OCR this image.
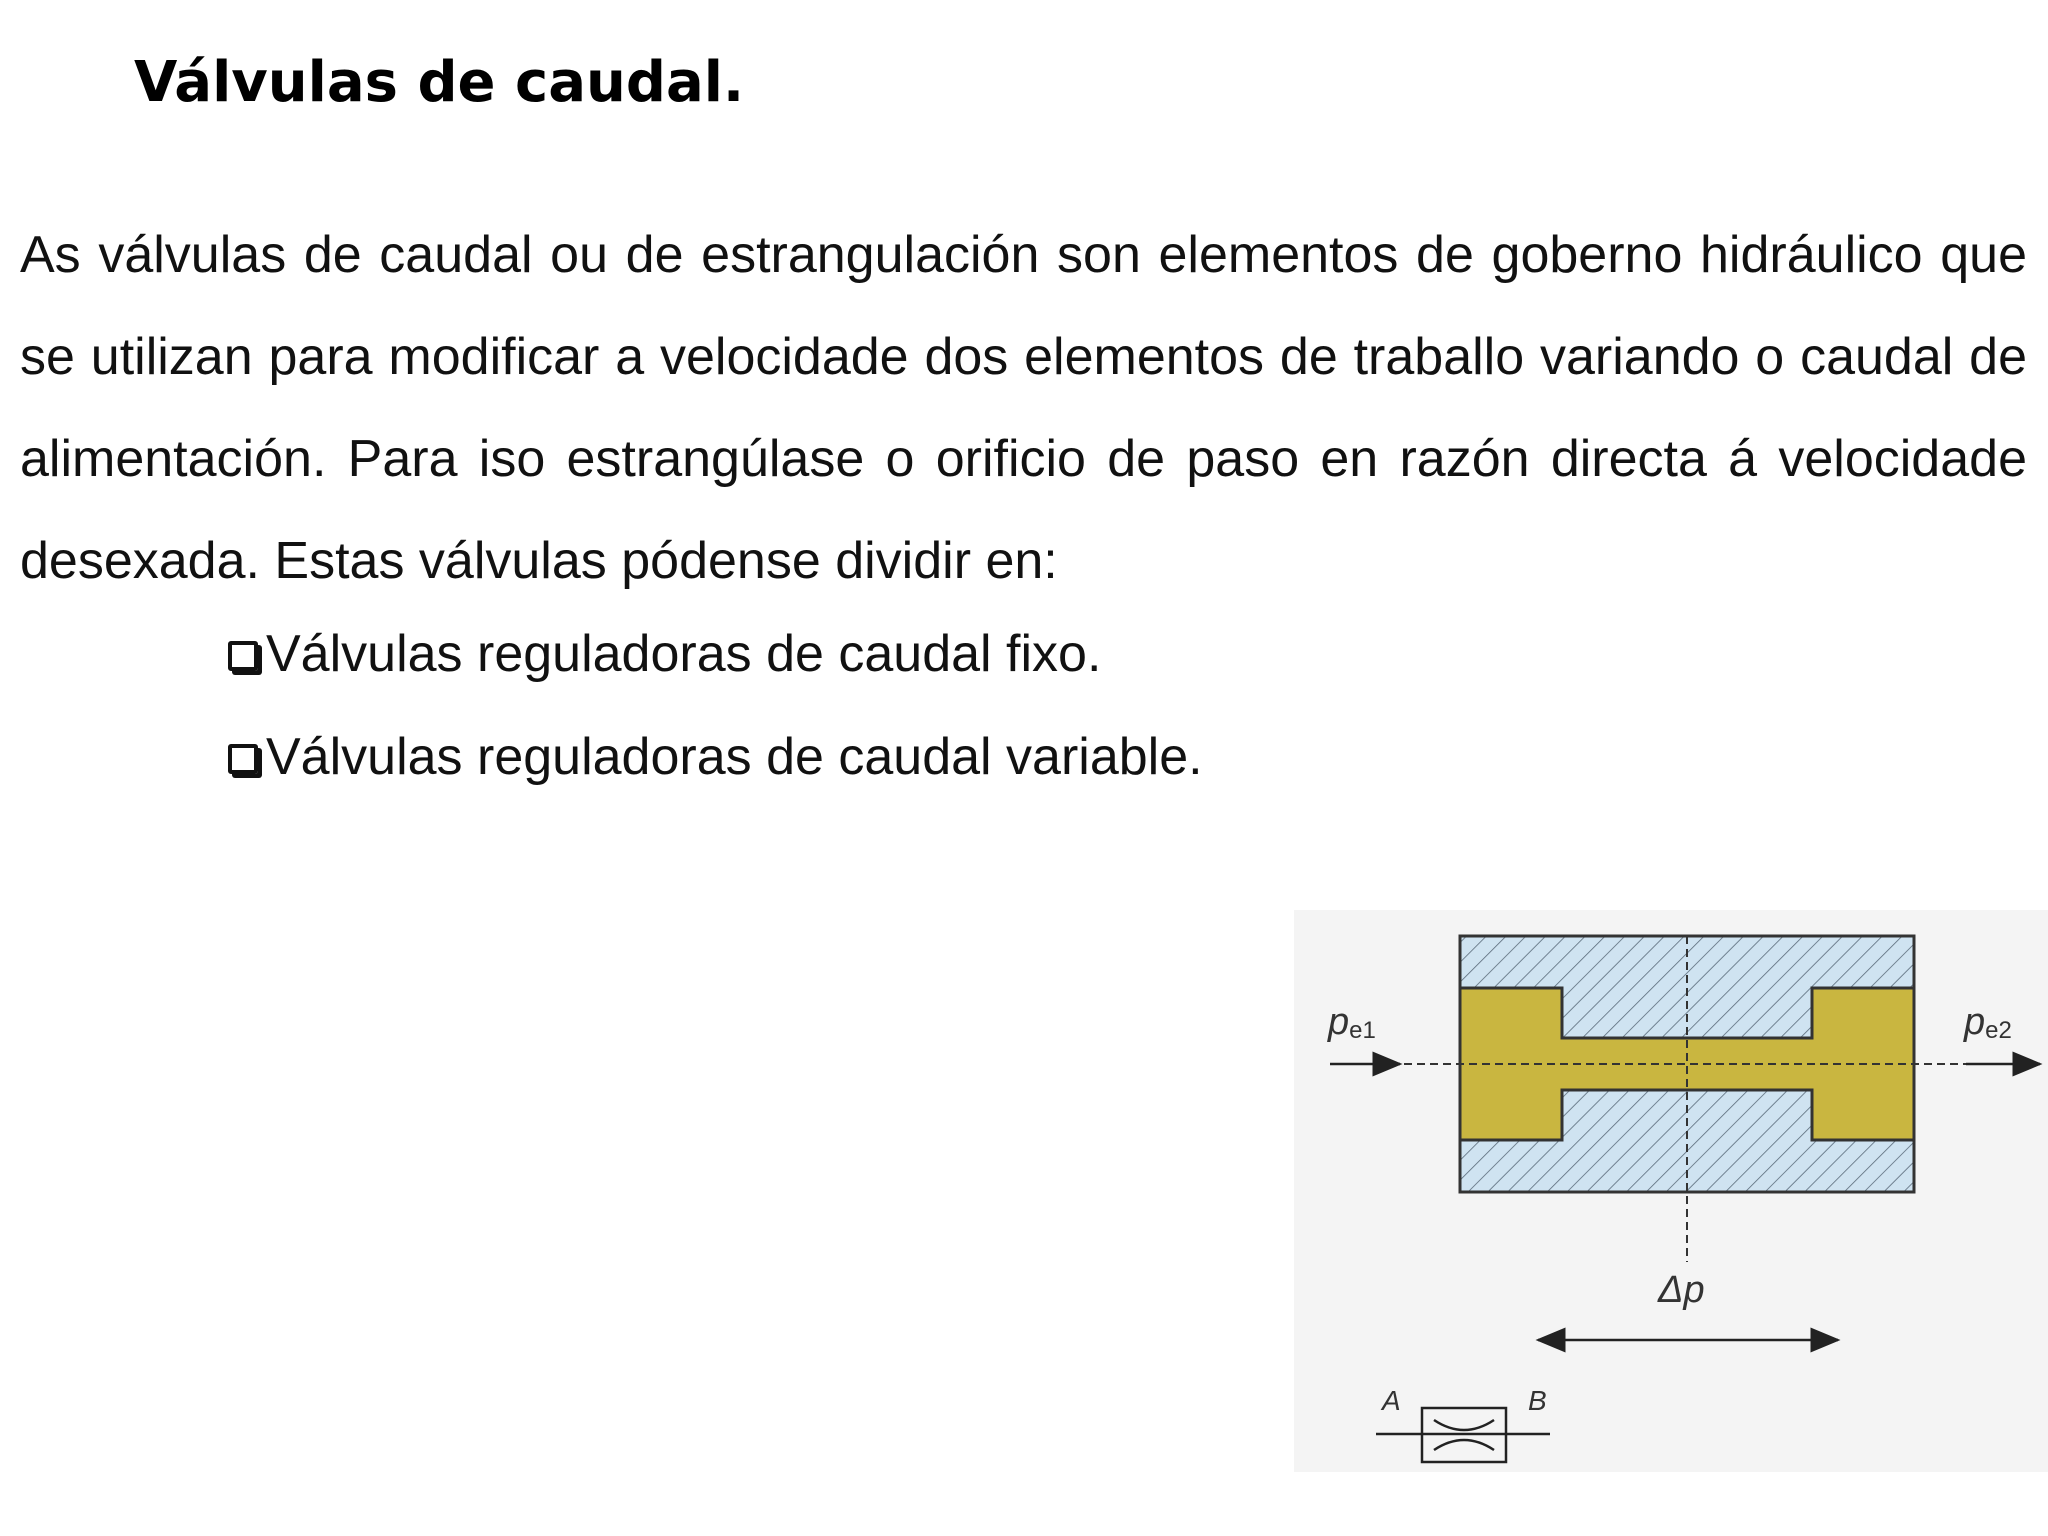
Válvulas de caudal.

As válvulas de caudal ou de estrangulación son elementos de goberno hidráulico que se utilizan para modificar a velocidade dos elementos de traballo variando o caudal de alimentación. Para iso estrangúlase o orificio de paso en razón directa á velocidade desexada. Estas válvulas pódense dividir en:

Válvulas reguladoras de caudal fixo.
Válvulas reguladoras de caudal variable.
pe1	pe2
Δp
A	B
